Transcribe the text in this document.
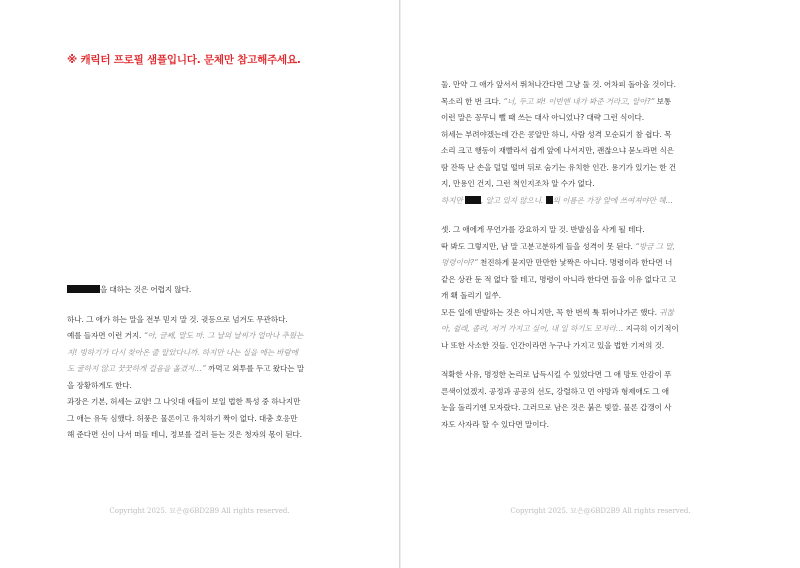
※ 캐릭터 프로필 샘플입니다. 문체만 참고해주세요.

을 대하는 것은 어렵지 않다.

하나. 그 애가 하는 말을 전부 믿지 말 것. 귓등으로 넘겨도 무관하다.

예를 들자면 이런 거지. “아, 글쎄, 말도 마. 그 날의 날씨가 얼마나 추웠는

지! 빙하기가 다시 찾아온 줄 알았다니까. 하지만 나는 실을 에는 바람에

도 굴하지 않고 꿋꿋하게 걸음을 옮겼지…” 까먹고 외투를 두고 왔다는 말

을 장황하게도 한다.

과장은 기본, 허세는 교양! 그 나잇대 애들이 보일 법한 특성 중 하나지만

그 애는 유독 심했다. 허풍은 물론이고 유치하기 짝이 없다. 대충 호응만

해 준다면 신이 나서 떠들 테니, 정보를 걸러 듣는 것은 청자의 몫이 된다.

Copyright 2025. 묘은@6BD2B9 All rights reserved.

둘. 만약 그 애가 앞서서 뛰쳐나간다면 그냥 둘 것. 어차피 돌아올 것이다.

목소리 한 번 크다. “너, 두고 봐! 이번엔 내가 봐준 거라고, 알아?” 보통

이런 말은 꽁무니 뺄 때 쓰는 대사 아니었나? 대략 그런 식이다.

허세는 부려야겠는데 간은 콩알만 하니, 사람 성격 모순되기 참 쉽다. 목

소리 크고 행동이 재빨라서 쉽게 앞에 나서지만, 괜찮으냐 묻노라면 식은

땀 잔뜩 난 손을 덜덜 떨며 뒤로 숨기는 유치한 인간. 용기가 있기는 한 건

지, 만용인 건지, 그런 척인지조차 알 수가 없다.

하지만 , 알고 있지 않으니. 의 이름은 가장 앞에 쓰여져야만 해…

셋. 그 애에게 무언가를 강요하지 말 것. 반발심을 사게 될 테다.

딱 봐도 그렇지만, 남 말 고분고분하게 들을 성격이 못 된다. “방금 그 말,

명령이야?” 천진하게 묻지만 만만한 낯짝은 아니다. 명령이라 한다면 너

같은 상관 둔 적 없다 할 테고, 명령이 아니라 한다면 들을 이유 없다고 고

개 홱 돌리기 일쑤.

모든 일에 반발하는 것은 아니지만, 꼭 한 번씩 툭 튀어나가곤 했다. 귀찮

아, 쉴래, 졸려, 저거 가지고 싶어, 내 일 하기도 모자라… 지극히 이기적이

나 또한 사소한 것들. 인간이라면 누구나 가지고 있을 법한 기저의 것.

적확한 사유, 명정한 논리로 납득시킬 수 있었다면 그 애 망토 안감이 푸

른색이었겠지. 공정과 공공의 선도, 강렬하고 먼 야망과 형제애도 그 애

눈을 돌리기엔 모자랐다. 그러므로 남은 것은 붉은 빛깔. 물론 갑갱이 사

자도 사자라 할 수 있다면 말이다.

Copyright 2025. 묘은@6BD2B9 All rights reserved.
